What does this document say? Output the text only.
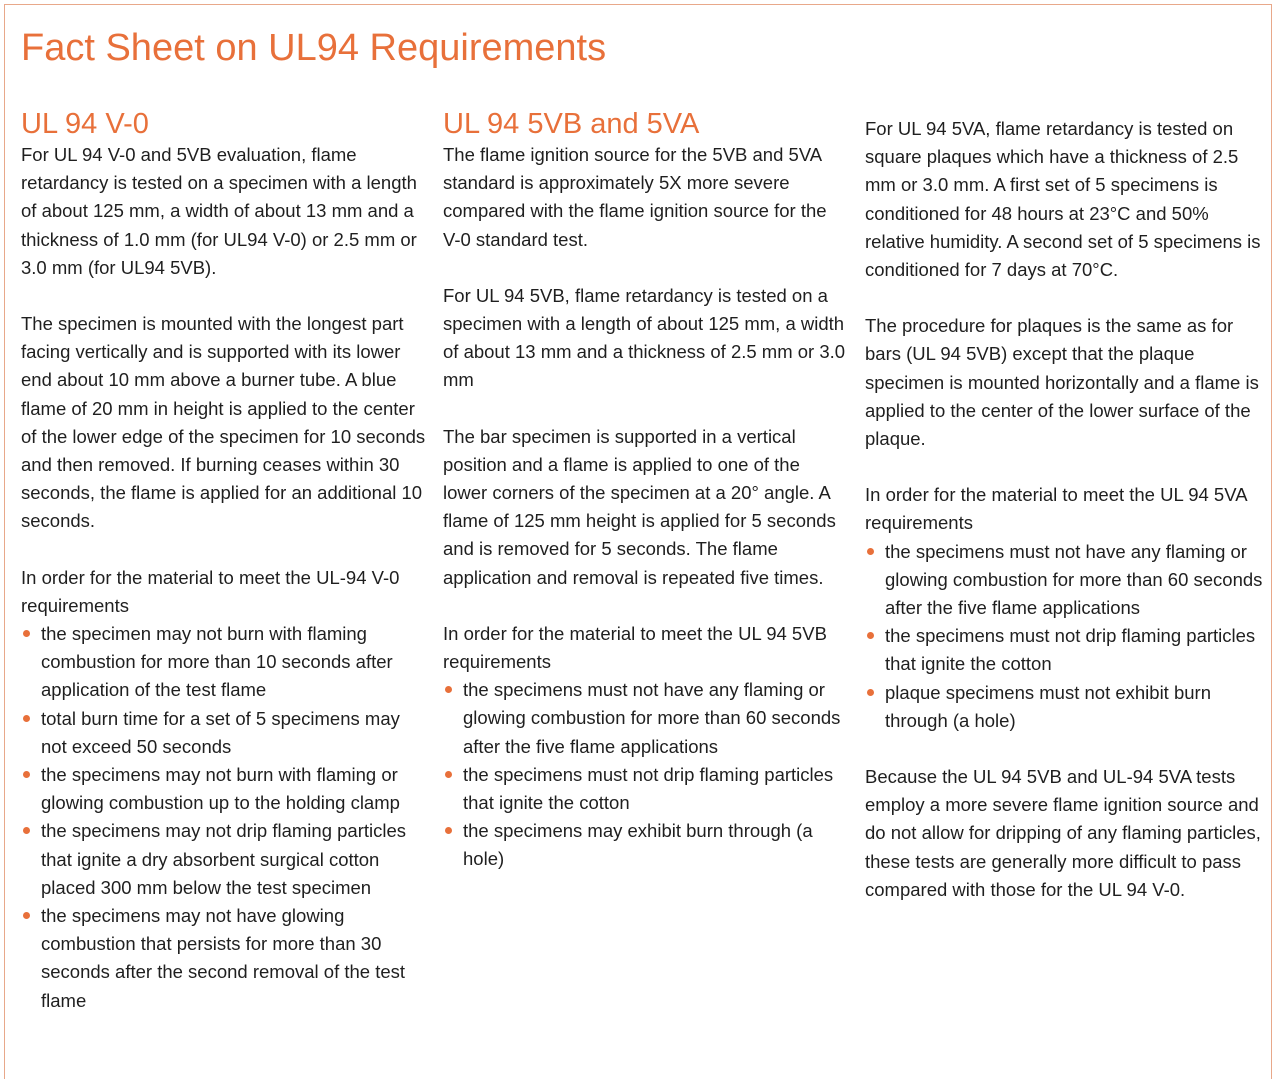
Fact Sheet on UL94 Requirements
UL 94 V-0

For UL 94 V-0 and 5VB evaluation, flame retardancy is tested on a specimen with a length of about 125 mm, a width of about 13 mm and a thickness of 1.0 mm (for UL94 V-0) or 2.5 mm or 3.0 mm (for UL94 5VB).

The specimen is mounted with the longest part facing vertically and is supported with its lower end about 10 mm above a burner tube. A blue flame of 20 mm in height is applied to the center of the lower edge of the specimen for 10 seconds and then removed. If burning ceases within 30 seconds, the flame is applied for an additional 10 seconds.

In order for the material to meet the UL-94 V-0 requirements

the specimen may not burn with flaming combustion for more than 10 seconds after application of the test flame
total burn time for a set of 5 specimens may not exceed 50 seconds
the specimens may not burn with flaming or glowing combustion up to the holding clamp
the specimens may not drip flaming particles that ignite a dry absorbent surgical cotton placed 300 mm below the test specimen
the specimens may not have glowing combustion that persists for more than 30 seconds after the second removal of the test flame
UL 94 5VB and 5VA

The flame ignition source for the 5VB and 5VA standard is approximately 5X more severe compared with the flame ignition source for the V-0 standard test.

For UL 94 5VB, flame retardancy is tested on a specimen with a length of about 125 mm, a width of about 13 mm and a thickness of 2.5 mm or 3.0 mm

The bar specimen is supported in a vertical position and a flame is applied to one of the lower corners of the specimen at a 20° angle. A flame of 125 mm height is applied for 5 seconds and is removed for 5 seconds. The flame application and removal is repeated five times.

In order for the material to meet the UL 94 5VB requirements

the specimens must not have any flaming or glowing combustion for more than 60 seconds after the five flame applications
the specimens must not drip flaming particles that ignite the cotton
the specimens may exhibit burn through (a hole)

For UL 94 5VA, flame retardancy is tested on square plaques which have a thickness of 2.5 mm or 3.0 mm. A first set of 5 specimens is conditioned for 48 hours at 23°C and 50% relative humidity. A second set of 5 specimens is conditioned for 7 days at 70°C.

The procedure for plaques is the same as for bars (UL 94 5VB) except that the plaque specimen is mounted horizontally and a flame is applied to the center of the lower surface of the plaque.

In order for the material to meet the UL 94 5VA requirements

the specimens must not have any flaming or glowing combustion for more than 60 seconds after the five flame applications
the specimens must not drip flaming particles that ignite the cotton
plaque specimens must not exhibit burn through (a hole)

Because the UL 94 5VB and UL-94 5VA tests employ a more severe flame ignition source and do not allow for dripping of any flaming particles, these tests are generally more difficult to pass compared with those for the UL 94 V-0.
